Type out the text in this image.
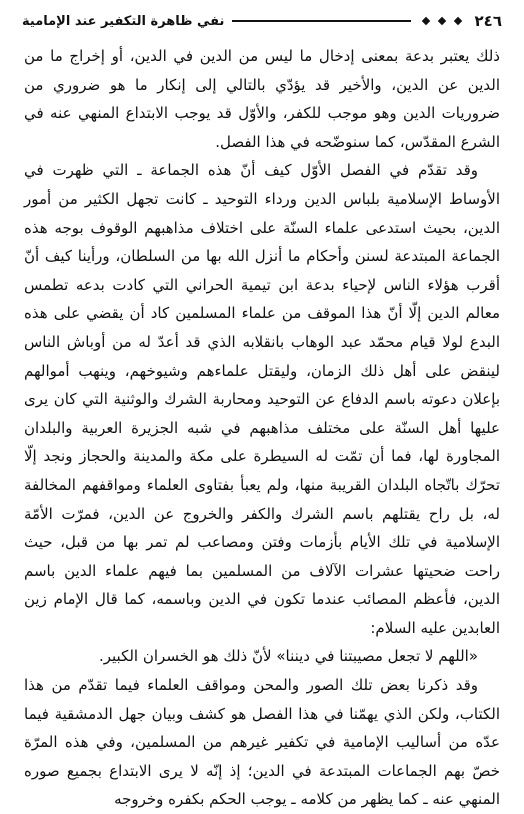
٢٤٦
نفي ظاهرة التكفير عند الإمامية

ذلك يعتبر بدعة بمعنى إدخال ما ليس من الدين في الدين، أو إخراج ما من الدين عن الدين، والأخير قد يؤدّي بالتالي إلى إنكار ما هو ضروري من ضروريات الدين وهو موجب للكفر، والأوّل قد يوجب الابتداع المنهي عنه في الشرع المقدّس، كما سنوضّحه في هذا الفصل.

وقد تقدّم في الفصل الأوّل كيف أنّ هذه الجماعة ـ التي ظهرت في الأوساط الإسلامية بلباس الدين ورداء التوحيد ـ كانت تجهل الكثير من أمور الدين، بحيث استدعى علماء السنّة على اختلاف مذاهبهم الوقوف بوجه هذه الجماعة المبتدعة لسنن وأحكام ما أنزل الله بها من السلطان، ورأينا كيف أنّ أقرب هؤلاء الناس لإحياء بدعة ابن تيمية الحراني التي كادت بدعه تطمس معالم الدين إلّا أنّ هذا الموقف من علماء المسلمين كاد أن يقضي على هذه البدع لولا قيام محمّد عبد الوهاب بانقلابه الذي قد أعدّ له من أوباش الناس لينقض على أهل ذلك الزمان، وليقتل علماءهم وشيوخهم، وينهب أموالهم بإعلان دعوته باسم الدفاع عن التوحيد ومحاربة الشرك والوثنية التي كان يرى عليها أهل السنّة على مختلف مذاهبهم في شبه الجزيرة العربية والبلدان المجاورة لها، فما أن تمّت له السيطرة على مكة والمدينة والحجاز ونجد إلّا تحرّك باتّجاه البلدان القريبة منها، ولم يعبأ بفتاوى العلماء ومواقفهم المخالفة له، بل راح يقتلهم باسم الشرك والكفر والخروج عن الدين، فمرّت الأمّة الإسلامية في تلك الأيام بأزمات وفتن ومصاعب لم تمر بها من قبل، حيث راحت ضحيتها عشرات الآلاف من المسلمين بما فيهم علماء الدين باسم الدين، فأعظم المصائب عندما تكون في الدين وباسمه، كما قال الإمام زين العابدين عليه السلام:

«اللهم لا تجعل مصيبتنا في ديننا» لأنّ ذلك هو الخسران الكبير.

وقد ذكرنا بعض تلك الصور والمحن ومواقف العلماء فيما تقدّم من هذا الكتاب، ولكن الذي يهمّنا في هذا الفصل هو كشف وبيان جهل الدمشقية فيما عدّه من أساليب الإمامية في تكفير غيرهم من المسلمين، وفي هذه المرّة خصّ بهم الجماعات المبتدعة في الدين؛ إذ إنّه لا يرى الابتداع بجميع صوره المنهي عنه ـ كما يظهر من كلامه ـ يوجب الحكم بكفره وخروجه
